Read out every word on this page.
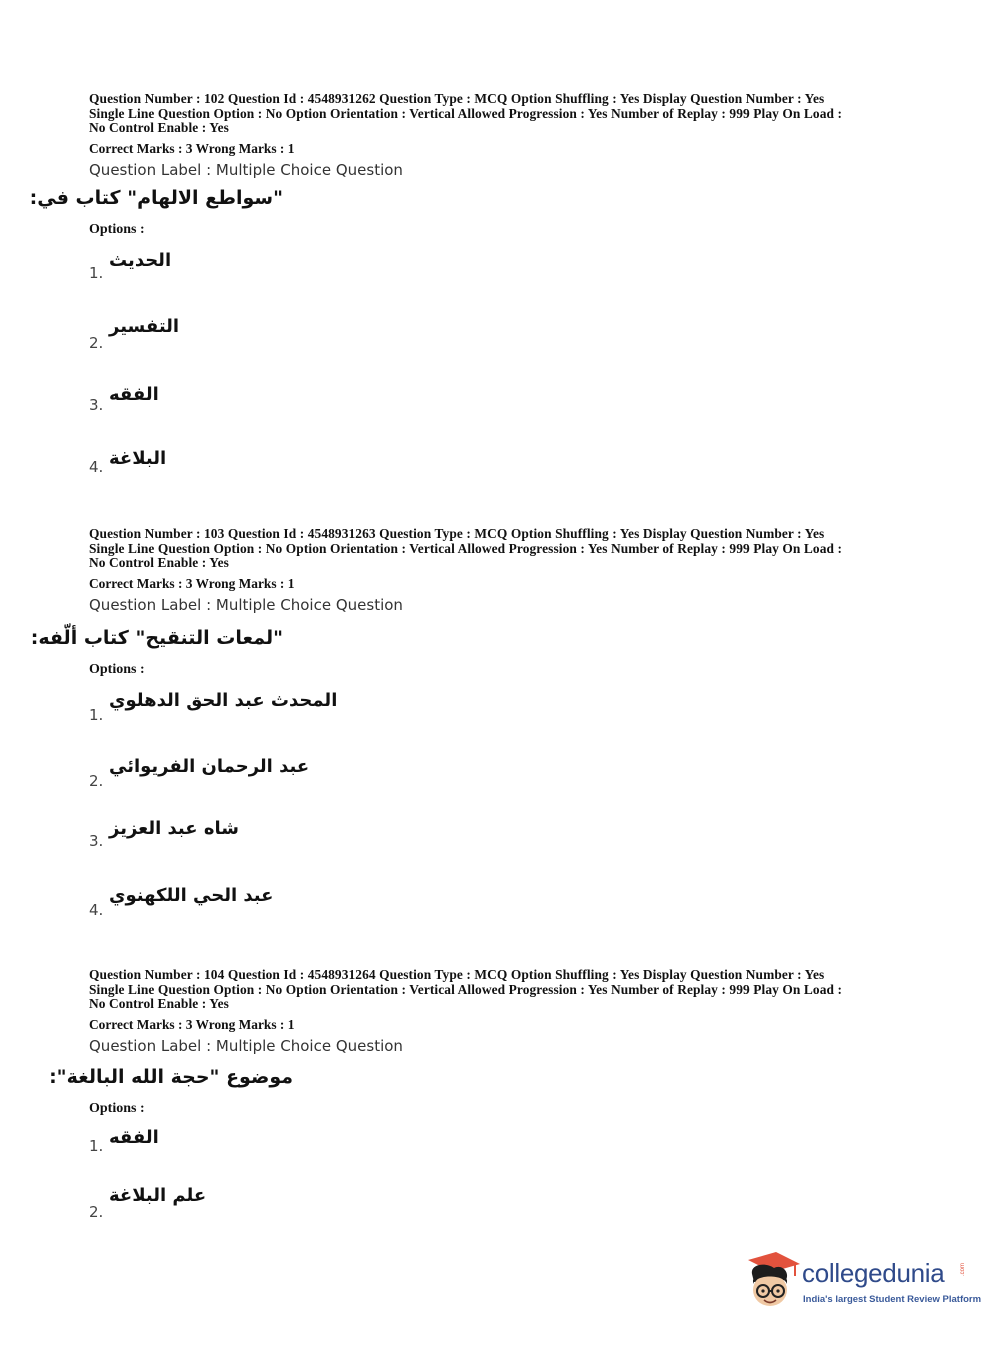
Question Number : 102 Question Id : 4548931262 Question Type : MCQ Option Shuffling : Yes Display Question Number : Yes

Single Line Question Option : No Option Orientation : Vertical Allowed Progression : Yes Number of Replay : 999 Play On Load :

No Control Enable : Yes

Correct Marks : 3 Wrong Marks : 1
Question Label : Multiple Choice Question
"سواطع الالهام" كتاب في:
Options :
1.
الحديث
2.
التفسير
3. الفقه
4. البلاغة

Question Number : 103 Question Id : 4548931263 Question Type : MCQ Option Shuffling : Yes Display Question Number : Yes

Single Line Question Option : No Option Orientation : Vertical Allowed Progression : Yes Number of Replay : 999 Play On Load :

No Control Enable : Yes

Correct Marks : 3 Wrong Marks : 1
Question Label : Multiple Choice Question
"لمعات التنقيح" كتاب ألّفه:
Options :
1.
المحدث عبد الحق الدهلوي
2.
عبد الرحمان الفريوائي
3.
شاه عبد العزيز
4.
عبد الحي اللكهنوي

Question Number : 104 Question Id : 4548931264 Question Type : MCQ Option Shuffling : Yes Display Question Number : Yes

Single Line Question Option : No Option Orientation : Vertical Allowed Progression : Yes Number of Replay : 999 Play On Load :

No Control Enable : Yes

Correct Marks : 3 Wrong Marks : 1
Question Label : Multiple Choice Question
موضوع "حجة الله البالغة":
Options :
1. الفقه
2.
علم البلاغة
collegedunia	.com
India's largest Student Review Platform
